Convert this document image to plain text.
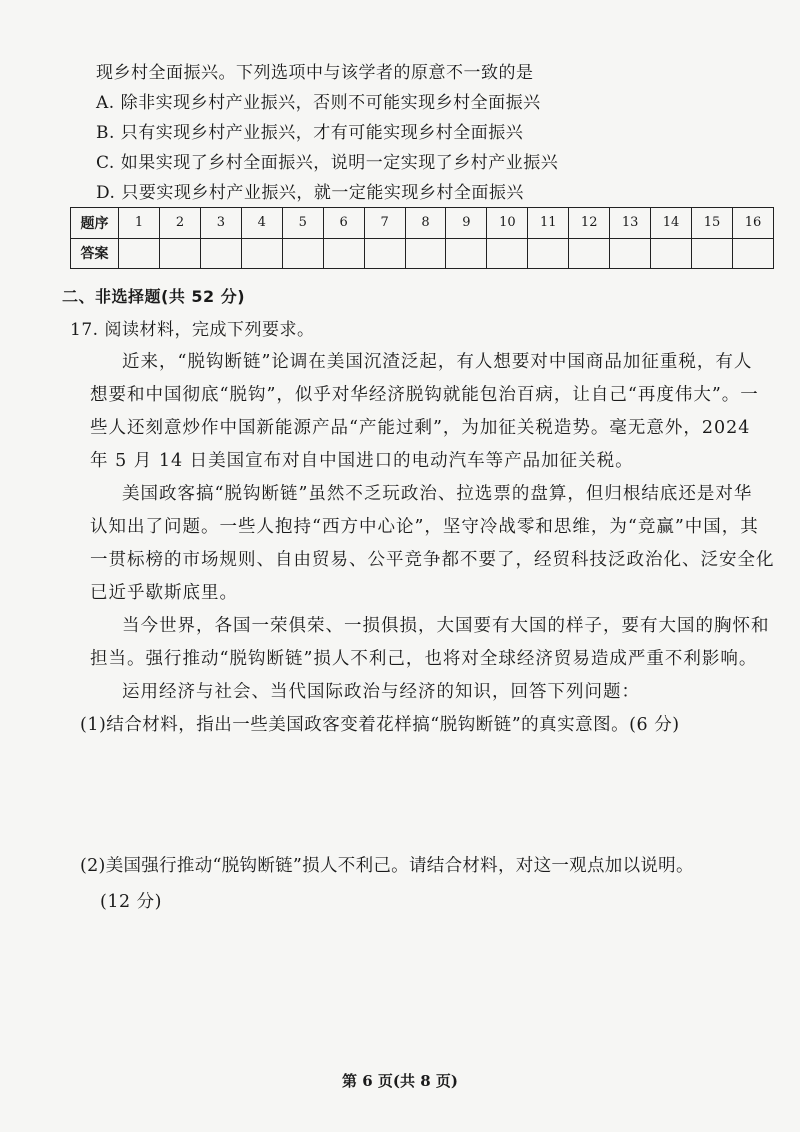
现乡村全面振兴。下列选项中与该学者的原意不一致的是
A. 除非实现乡村产业振兴，否则不可能实现乡村全面振兴
B. 只有实现乡村产业振兴，才有可能实现乡村全面振兴
C. 如果实现了乡村全面振兴，说明一定实现了乡村产业振兴
D. 只要实现乡村产业振兴，就一定能实现乡村全面振兴
题序	1	2	3	4	5	6	7	8	9	10	11	12	13	14	15	16
答案																
二、非选择题(共 52 分)
17. 阅读材料，完成下列要求。
近来，“脱钩断链”论调在美国沉渣泛起，有人想要对中国商品加征重税，有人
想要和中国彻底“脱钩”，似乎对华经济脱钩就能包治百病，让自己“再度伟大”。一
些人还刻意炒作中国新能源产品“产能过剩”，为加征关税造势。毫无意外，2024
年 5 月 14 日美国宣布对自中国进口的电动汽车等产品加征关税。
美国政客搞“脱钩断链”虽然不乏玩政治、拉选票的盘算，但归根结底还是对华
认知出了问题。一些人抱持“西方中心论”，坚守冷战零和思维，为“竞赢”中国，其
一贯标榜的市场规则、自由贸易、公平竞争都不要了，经贸科技泛政治化、泛安全化
已近乎歇斯底里。
当今世界，各国一荣俱荣、一损俱损，大国要有大国的样子，要有大国的胸怀和
担当。强行推动“脱钩断链”损人不利己，也将对全球经济贸易造成严重不利影响。
运用经济与社会、当代国际政治与经济的知识，回答下列问题：
(1)结合材料，指出一些美国政客变着花样搞“脱钩断链”的真实意图。(6 分)
(2)美国强行推动“脱钩断链”损人不利己。请结合材料，对这一观点加以说明。
(12 分)
第 6 页(共 8 页)
